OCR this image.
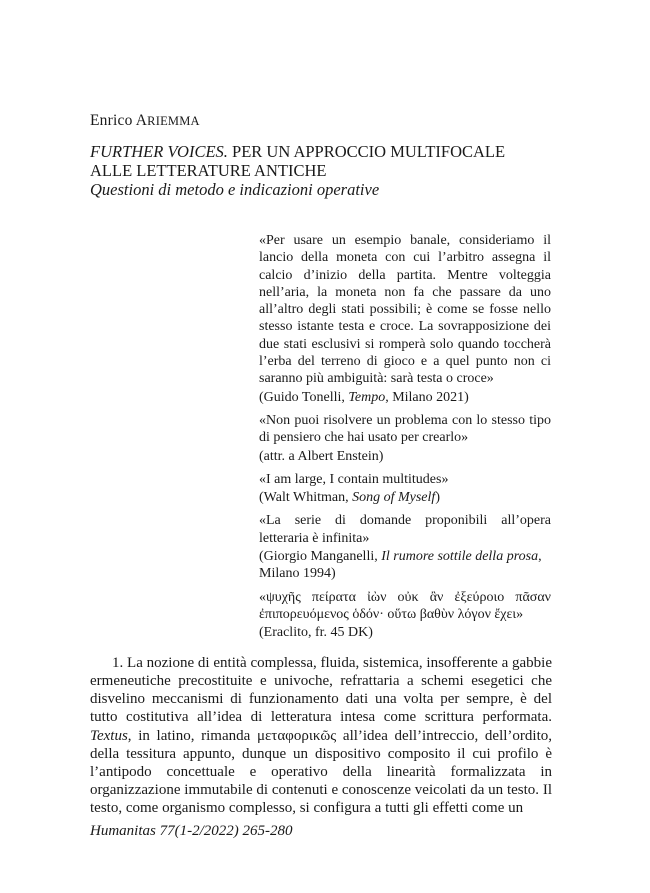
Enrico ARIEMMA
FURTHER VOICES. PER UN APPROCCIO MULTIFOCALE
ALLE LETTERATURE ANTICHE

Questioni di metodo e indicazioni operative

«Per usare un esempio banale, consideriamo il lancio della moneta con cui l’arbitro assegna il calcio d’inizio della partita. Mentre volteggia nell’aria, la moneta non fa che passare da uno all’altro degli stati possibili; è come se fosse nello stesso istante testa e croce. La sovrapposizione dei due stati esclusivi si romperà solo quando toccherà l’erba del terreno di gioco e a quel punto non ci saranno più ambiguità: sarà testa o croce»

(Guido Tonelli, Tempo, Milano 2021)

«Non puoi risolvere un problema con lo stesso tipo di pensiero che hai usato per crearlo»

(attr. a Albert Enstein)

«I am large, I contain multitudes»

(Walt Whitman, Song of Myself)

«La serie di domande proponibili all’opera letteraria è infinita»

(Giorgio Manganelli, Il rumore sottile della prosa, Milano 1994)

«ψυχῆς πείρατα ἰὼν οὐκ ἂν ἐξεύροιο πᾶσαν ἐπιπορευόμενος ὁδόν· οὕτω βαθὺν λόγον ἔχει»

(Eraclito, fr. 45 DK)

1. La nozione di entità complessa, fluida, sistemica, insofferente a gabbie ermeneutiche precostituite e univoche, refrattaria a schemi esegetici che disvelino meccanismi di funzionamento dati una volta per sempre, è del tutto costitutiva all’idea di letteratura intesa come scrittura performata. Textus, in latino, rimanda μεταφορικῶς all’idea dell’intreccio, dell’ordito, della tessitura appunto, dunque un dispositivo composito il cui profilo è l’antipodo concettuale e operativo della linearità formalizzata in organizzazione immutabile di contenuti e conoscenze veicolati da un testo. Il testo, come organismo complesso, si configura a tutti gli effetti come un

Humanitas 77(1-2/2022) 265-280
